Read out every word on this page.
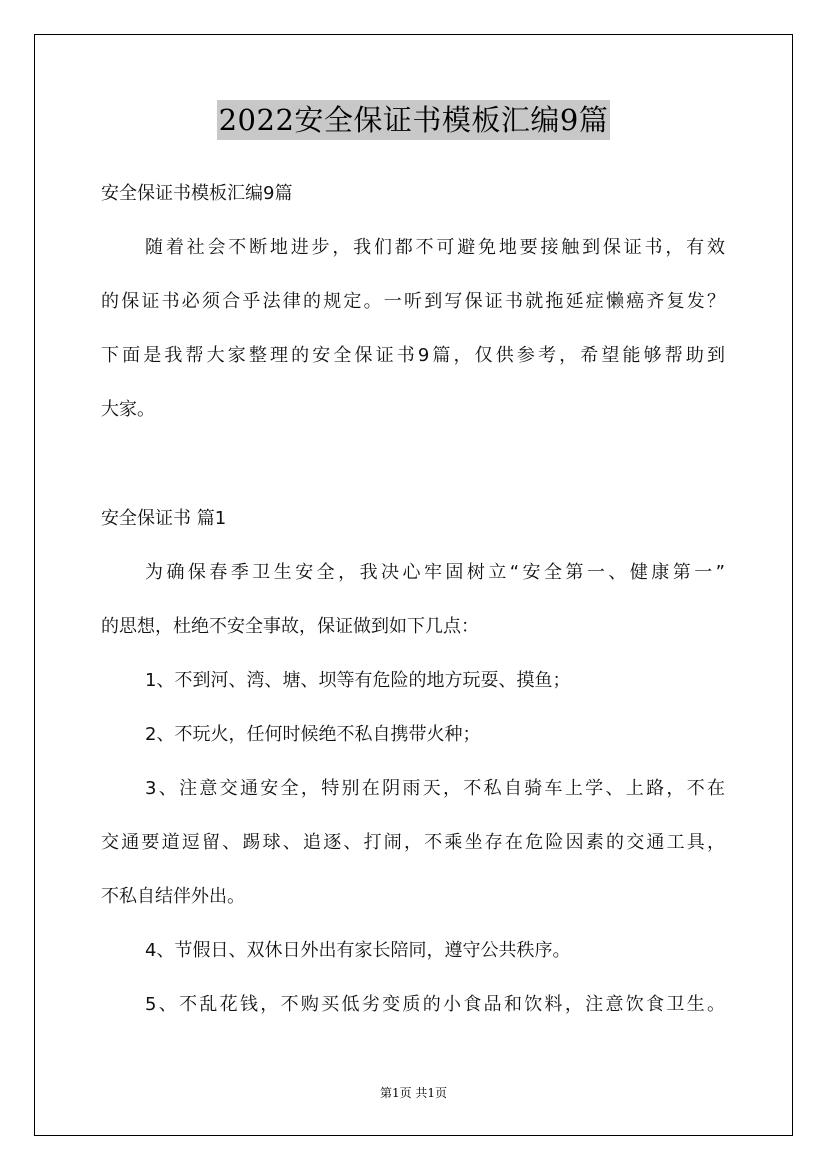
2022安全保证书模板汇编9篇
安全保证书模板汇编9篇
随着社会不断地进步，我们都不可避免地要接触到保证书，有效
的保证书必须合乎法律的规定。一听到写保证书就拖延症懒癌齐复发？
下面是我帮大家整理的安全保证书9篇，仅供参考，希望能够帮助到
大家。
安全保证书 篇1
为确保春季卫生安全，我决心牢固树立“安全第一、健康第一”
的思想，杜绝不安全事故，保证做到如下几点：
1、不到河、湾、塘、坝等有危险的地方玩耍、摸鱼；
2、不玩火，任何时候绝不私自携带火种；
3、注意交通安全，特别在阴雨天，不私自骑车上学、上路，不在
交通要道逗留、踢球、追逐、打闹，不乘坐存在危险因素的交通工具，
不私自结伴外出。
4、节假日、双休日外出有家长陪同，遵守公共秩序。
5、不乱花钱，不购买低劣变质的小食品和饮料，注意饮食卫生。
第1页 共1页
